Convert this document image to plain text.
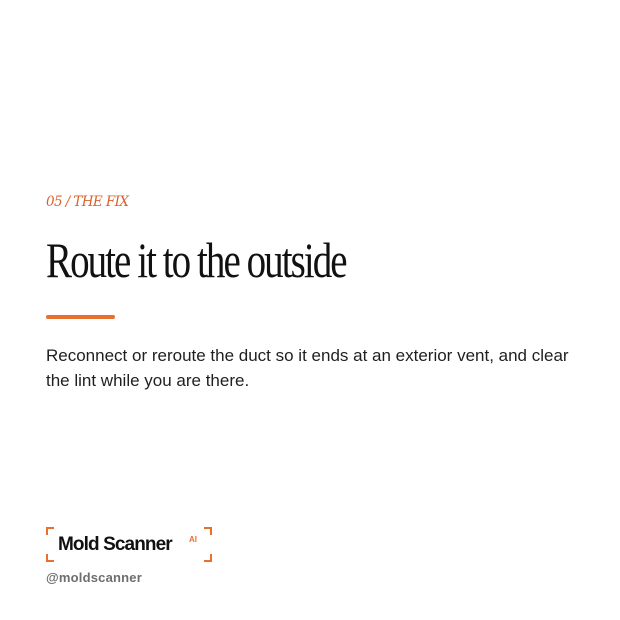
05 / THE FIX
Route it to the outside

Reconnect or reroute the duct so it ends at an exterior vent, and clear the lint while you are there.

Mold Scanner AI
@moldscanner
